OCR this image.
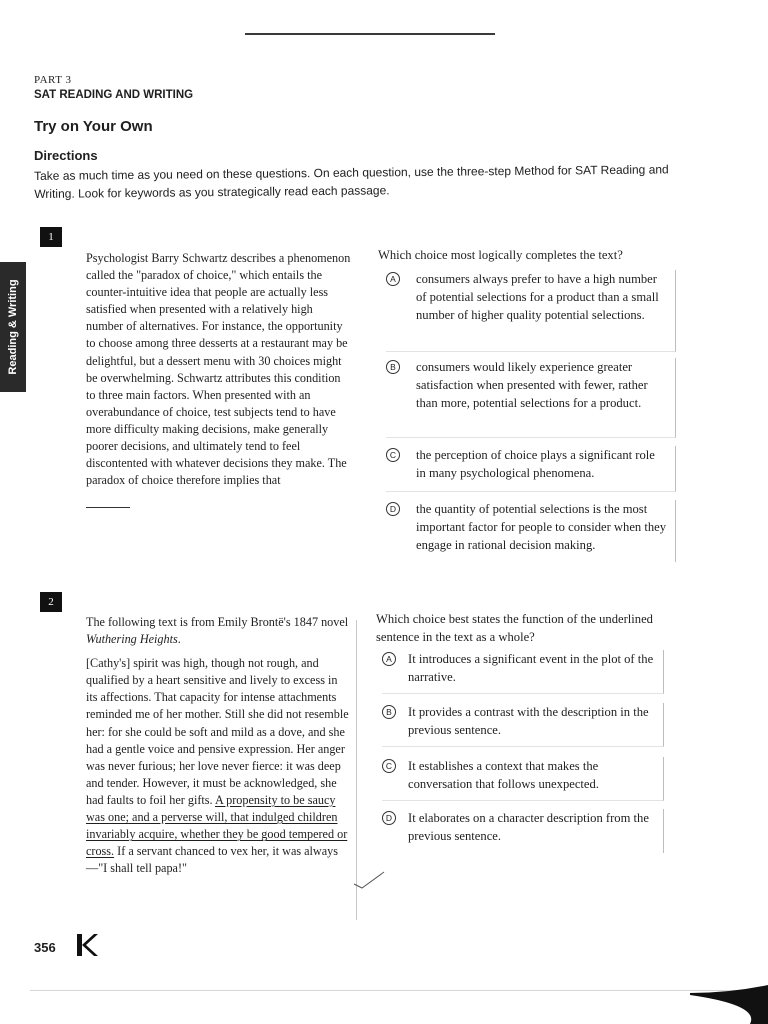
PART 3
SAT READING AND WRITING
Try on Your Own
Directions
Take as much time as you need on these questions. On each question, use the three-step Method for SAT Reading and Writing. Look for keywords as you strategically read each passage.
Reading & Writing
1

Psychologist Barry Schwartz describes a phenomenon called the "paradox of choice," which entails the counter-intuitive idea that people are actually less satisfied when presented with a relatively high number of alternatives. For instance, the opportunity to choose among three desserts at a restaurant may be delightful, but a dessert menu with 30 choices might be overwhelming. Schwartz attributes this condition to three main factors. When presented with an overabundance of choice, test subjects tend to have more difficulty making decisions, make generally poorer decisions, and ultimately tend to feel discontented with whatever decisions they make. The paradox of choice therefore implies that

Which choice most logically completes the text?
A	consumers always prefer to have a high number of potential selections for a product than a small number of higher quality potential selections.
B	consumers would likely experience greater satisfaction when presented with fewer, rather than more, potential selections for a product.
C	the perception of choice plays a significant role in many psychological phenomena.
D	the quantity of potential selections is the most important factor for people to consider when they engage in rational decision making.
2

The following text is from Emily Brontë's 1847 novel Wuthering Heights.

[Cathy's] spirit was high, though not rough, and qualified by a heart sensitive and lively to excess in its affections. That capacity for intense attachments reminded me of her mother. Still she did not resemble her: for she could be soft and mild as a dove, and she had a gentle voice and pensive expression. Her anger was never furious; her love never fierce: it was deep and tender. However, it must be acknowledged, she had faults to foil her gifts. A propensity to be saucy was one; and a perverse will, that indulged children invariably acquire, whether they be good tempered or cross. If a servant chanced to vex her, it was always—"I shall tell papa!"

Which choice best states the function of the underlined sentence in the text as a whole?
A	It introduces a significant event in the plot of the narrative.
B	It provides a contrast with the description in the previous sentence.
C	It establishes a context that makes the conversation that follows unexpected.
D	It elaborates on a character description from the previous sentence.
356
